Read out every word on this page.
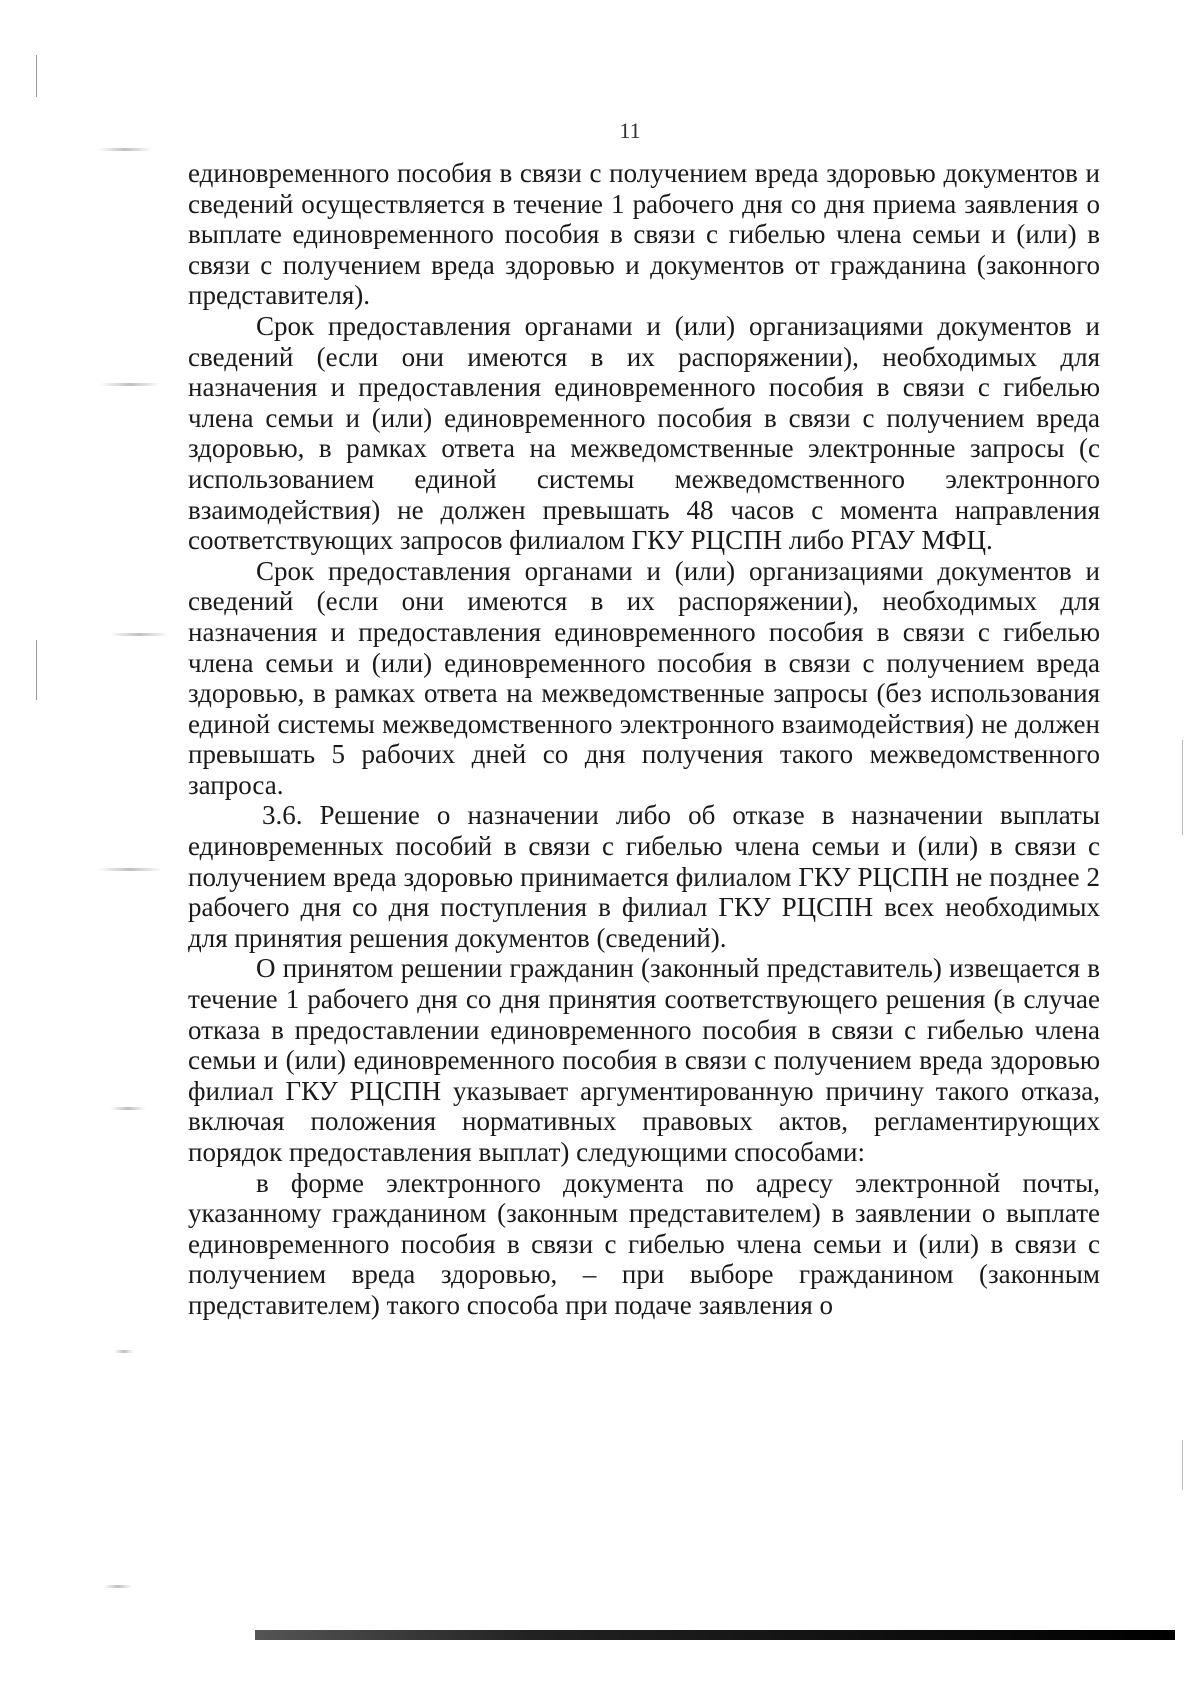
11

единовременного пособия в связи с получением вреда здоровью документов и сведений осуществляется в течение 1 рабочего дня со дня приема заявления о выплате единовременного пособия в связи с гибелью члена семьи и (или) в связи с получением вреда здоровью и документов от гражданина (законного представителя).

Срок предоставления органами и (или) организациями документов и сведений (если они имеются в их распоряжении), необходимых для назначения и предоставления единовременного пособия в связи с гибелью члена семьи и (или) единовременного пособия в связи с получением вреда здоровью, в рамках ответа на межведомственные электронные запросы (с использованием единой системы межведомственного электронного взаимодействия) не должен превышать 48 часов с момента направления соответствующих запросов филиалом ГКУ РЦСПН либо РГАУ МФЦ.

Срок предоставления органами и (или) организациями документов и сведений (если они имеются в их распоряжении), необходимых для назначения и предоставления единовременного пособия в связи с гибелью члена семьи и (или) единовременного пособия в связи с получением вреда здоровью, в рамках ответа на межведомственные запросы (без использования единой системы межведомственного электронного взаимодействия) не должен превышать 5 рабочих дней со дня получения такого межведомственного запроса.

3.6. Решение о назначении либо об отказе в назначении выплаты единовременных пособий в связи с гибелью члена семьи и (или) в связи с получением вреда здоровью принимается филиалом ГКУ РЦСПН не позднее 2 рабочего дня со дня поступления в филиал ГКУ РЦСПН всех необходимых для принятия решения документов (сведений).

О принятом решении гражданин (законный представитель) извещается в течение 1 рабочего дня со дня принятия соответствующего решения (в случае отказа в предоставлении единовременного пособия в связи с гибелью члена семьи и (или) единовременного пособия в связи с получением вреда здоровью филиал ГКУ РЦСПН указывает аргументированную причину такого отказа, включая положения нормативных правовых актов, регламентирующих порядок предоставления выплат) следующими способами:

в форме электронного документа по адресу электронной почты, указанному гражданином (законным представителем) в заявлении о выплате единовременного пособия в связи с гибелью члена семьи и (или) в связи с получением вреда здоровью, – при выборе гражданином (законным представителем) такого способа при подаче заявления о
